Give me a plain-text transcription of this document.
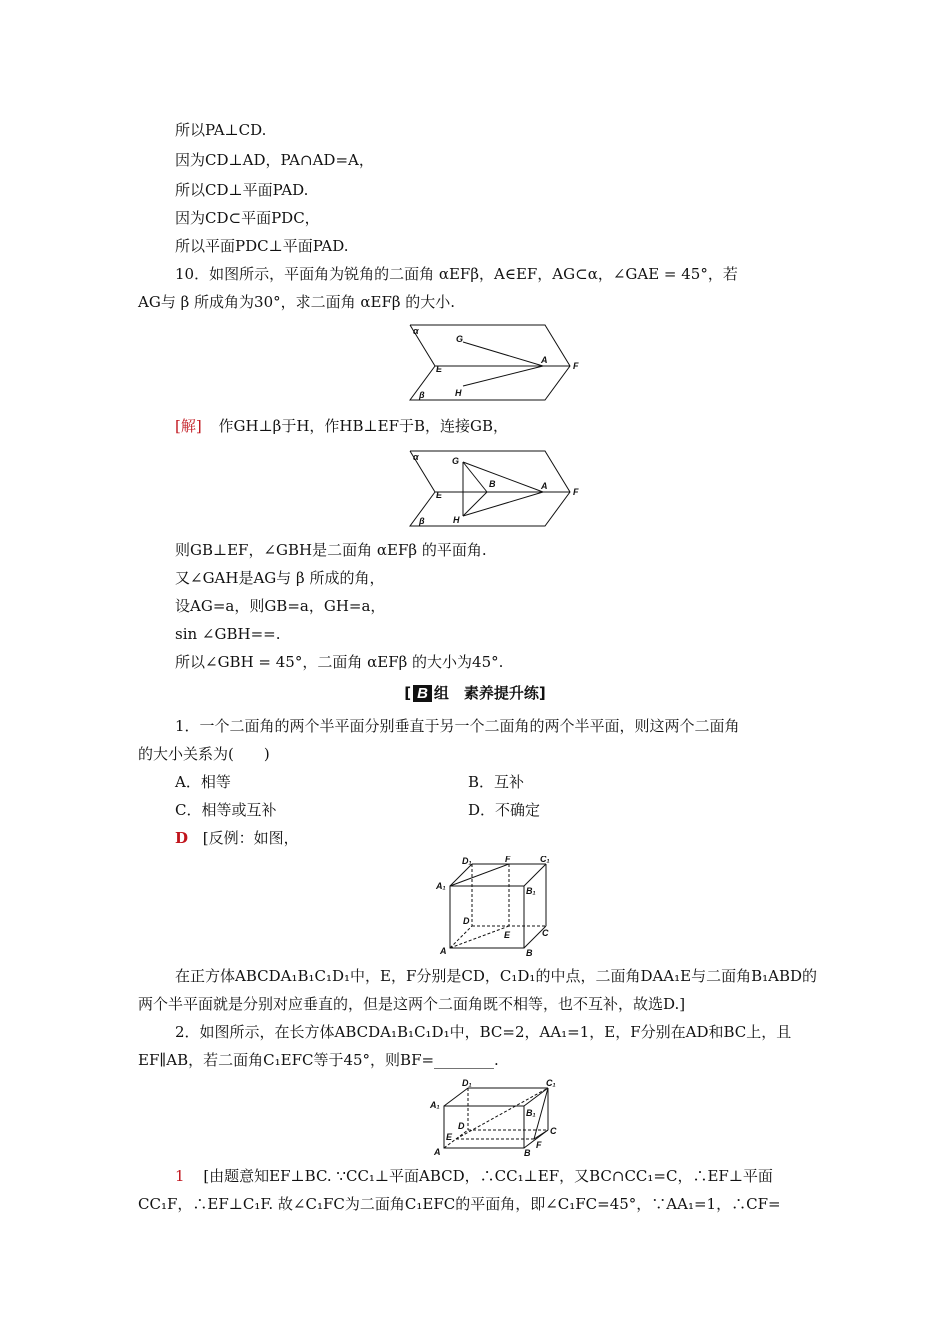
所以PA⊥CD.
因为CD⊥AD，PA∩AD=A，
所以CD⊥平面PAD.
因为CD⊂平面PDC，
所以平面PDC⊥平面PAD.
10．如图所示，平面角为锐角的二面角 αEFβ，A∈EF，AG⊂α，∠GAE = 45°，若
AG与 β 所成角为30°，求二面角 αEFβ 的大小.
α
G
A
E
H
F
β
[解] 作GH⊥β于H，作HB⊥EF于B，连接GB，
α	G
B	A
E
H
F
β
则GB⊥EF，∠GBH是二面角 αEFβ 的平面角.
又∠GAH是AG与 β 所成的角，
设AG=a，则GB=a，GH=a，
sin ∠GBH==.
所以∠GBH = 45°，二面角 αEFβ 的大小为45°.
[ B 组　素养提升练]
1．一个二面角的两个半平面分别垂直于另一个二面角的两个半平面，则这两个二面角
的大小关系为(　　)
A．相等	B．互补
C．相等或互补	D．不确定
D [反例：如图，
D₁	F	C₁
A₁	B₁
D
C
E
A	B
在正方体ABCDA₁B₁C₁D₁中，E，F分别是CD，C₁D₁的中点，二面角DAA₁E与二面角B₁ABD的
两个半平面就是分别对应垂直的，但是这两个二面角既不相等，也不互补，故选D.]
2．如图所示，在长方体ABCDA₁B₁C₁D₁中，BC=2，AA₁=1，E，F分别在AD和BC上，且
EF∥AB，若二面角C₁EFC等于45°，则BF=________.
D₁	C₁
A₁
B₁
D
E
C
A	B
F
1 [由题意知EF⊥BC. ∵CC₁⊥平面ABCD，∴CC₁⊥EF，又BC∩CC₁=C，∴EF⊥平面
CC₁F，∴EF⊥C₁F. 故∠C₁FC为二面角C₁EFC的平面角，即∠C₁FC=45°，∵AA₁=1，∴CF=
